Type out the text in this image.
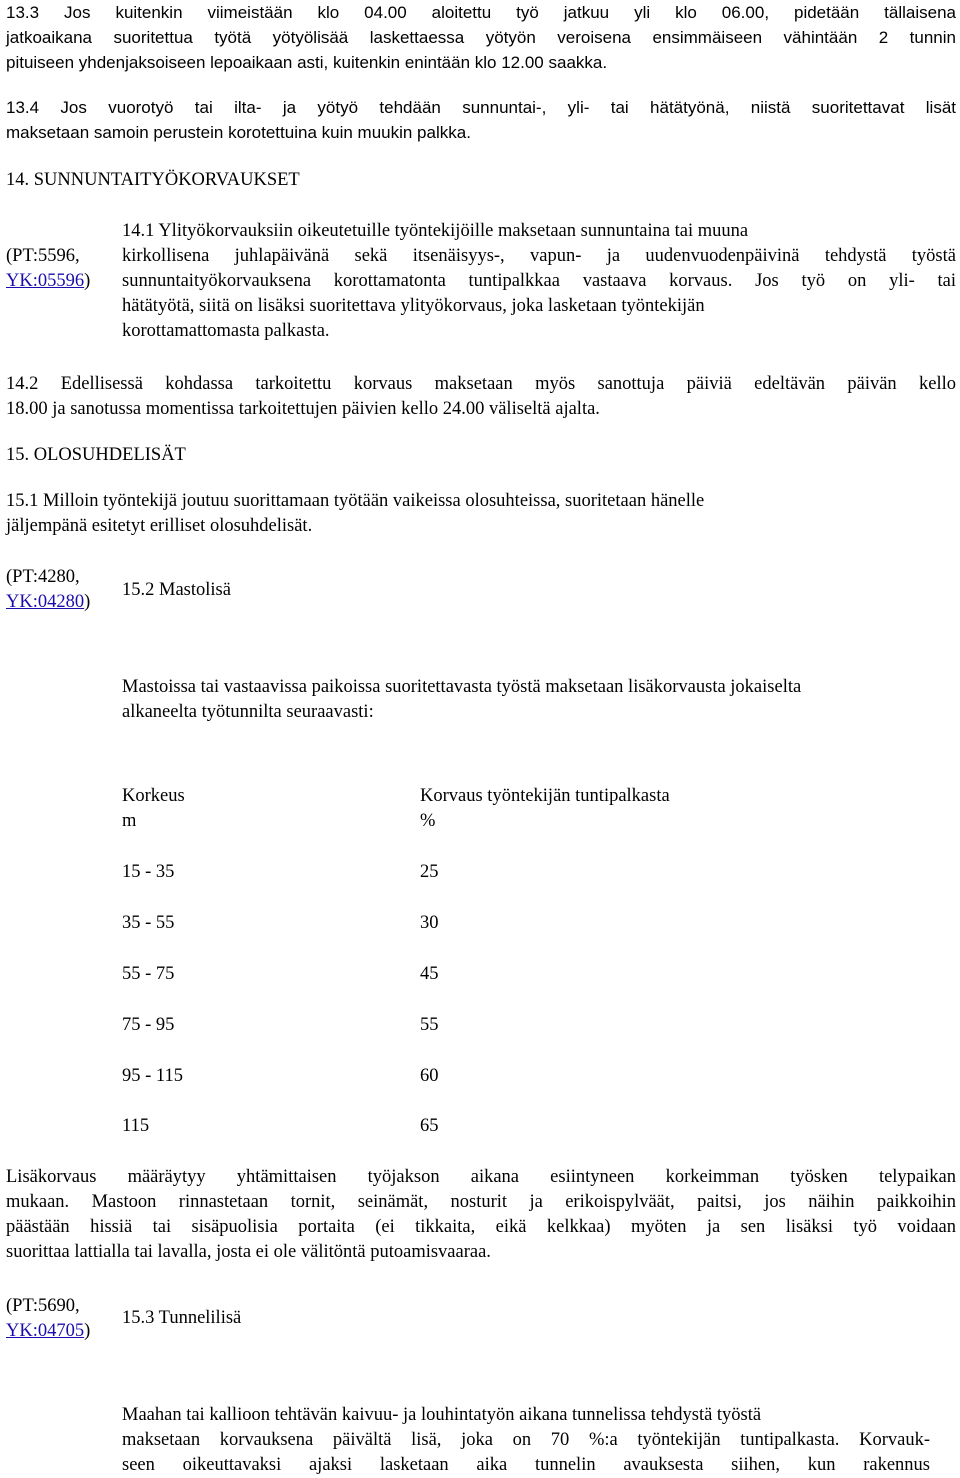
13.3 Jos kuitenkin viimeistään klo 04.00 aloitettu työ jatkuu yli klo 06.00, pidetään tällaisena
jatkoaikana suoritettua työtä yötyölisää laskettaessa yötyön veroisena ensimmäiseen vähintään 2 tunnin
pituiseen yhdenjaksoiseen lepoaikaan asti, kuitenkin enintään klo 12.00 saakka.
13.4 Jos vuorotyö tai ilta- ja yötyö tehdään sunnuntai-, yli- tai hätätyönä, niistä suoritettavat lisät
maksetaan samoin perustein korotettuina kuin muukin palkka.
14. SUNNUNTAITYÖKORVAUKSET
(PT:5596,
YK:05596)
14.1 Ylityökorvauksiin oikeutetuille työntekijöille maksetaan sunnuntaina tai muuna
kirkollisena juhlapäivänä sekä itsenäisyys-, vapun- ja uudenvuodenpäivinä tehdystä työstä
sunnuntaityökorvauksena korottamatonta tuntipalkkaa vastaava korvaus. Jos työ on yli- tai
hätätyötä, siitä on lisäksi suoritettava ylityökorvaus, joka lasketaan työntekijän
korottamattomasta palkasta.
14.2 Edellisessä kohdassa tarkoitettu korvaus maksetaan myös sanottuja päiviä edeltävän päivän kello
18.00 ja sanotussa momentissa tarkoitettujen päivien kello 24.00 väliseltä ajalta.
15. OLOSUHDELISÄT
15.1 Milloin työntekijä joutuu suorittamaan työtään vaikeissa olosuhteissa, suoritetaan hänelle
jäljempänä esitetyt erilliset olosuhdelisät.
(PT:4280,
YK:04280)
15.2 Mastolisä
Mastoissa tai vastaavissa paikoissa suoritettavasta työstä maksetaan lisäkorvausta jokaiselta
alkaneelta työtunnilta seuraavasti:
Korkeus	Korvaus työntekijän tuntipalkasta
m	%
15 - 35	25
35 - 55	30
55 - 75	45
75 - 95	55
95 - 115	60
115	65
Lisäkorvaus määräytyy yhtämittaisen työjakson aikana esiintyneen korkeimman työsken telypaikan
mukaan. Mastoon rinnastetaan tornit, seinämät, nosturit ja erikoispylväät, paitsi, jos näihin paikkoihin
päästään hissiä tai sisäpuolisia portaita (ei tikkaita, eikä kelkkaa) myöten ja sen lisäksi työ voidaan
suorittaa lattialla tai lavalla, josta ei ole välitöntä putoamisvaaraa.
(PT:5690,
YK:04705)
15.3 Tunnelilisä
Maahan tai kallioon tehtävän kaivuu- ja louhintatyön aikana tunnelissa tehdystä työstä
maksetaan korvauksena päivältä lisä, joka on 70 %:a työntekijän tuntipalkasta. Korvauk-
seen oikeuttavaksi ajaksi lasketaan aika tunnelin avauksesta siihen, kun rakennus
